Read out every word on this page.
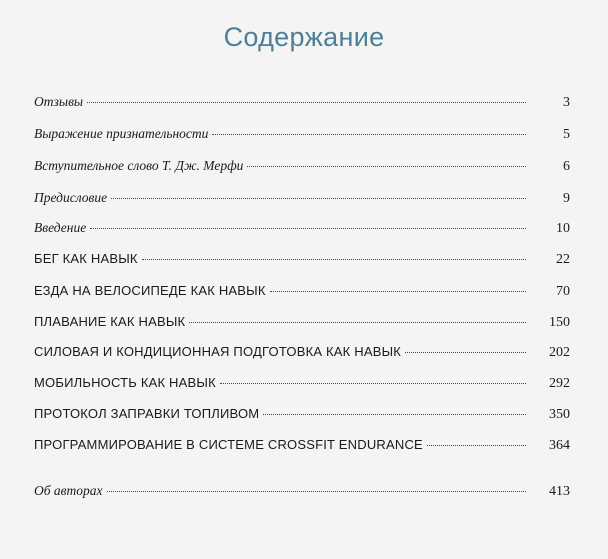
Содержание
Отзывы	3
Выражение признательности	5
Вступительное слово Т. Дж. Мерфи	6
Предисловие	9
Введение	10
БЕГ КАК НАВЫК	22
ЕЗДА НА ВЕЛОСИПЕДЕ КАК НАВЫК	70
ПЛАВАНИЕ КАК НАВЫК	150
СИЛОВАЯ И КОНДИЦИОННАЯ ПОДГОТОВКА КАК НАВЫК	202
МОБИЛЬНОСТЬ КАК НАВЫК	292
ПРОТОКОЛ ЗАПРАВКИ ТОПЛИВОМ	350
ПРОГРАММИРОВАНИЕ В СИСТЕМЕ CROSSFIT ENDURANCE	364
Об авторах	413
